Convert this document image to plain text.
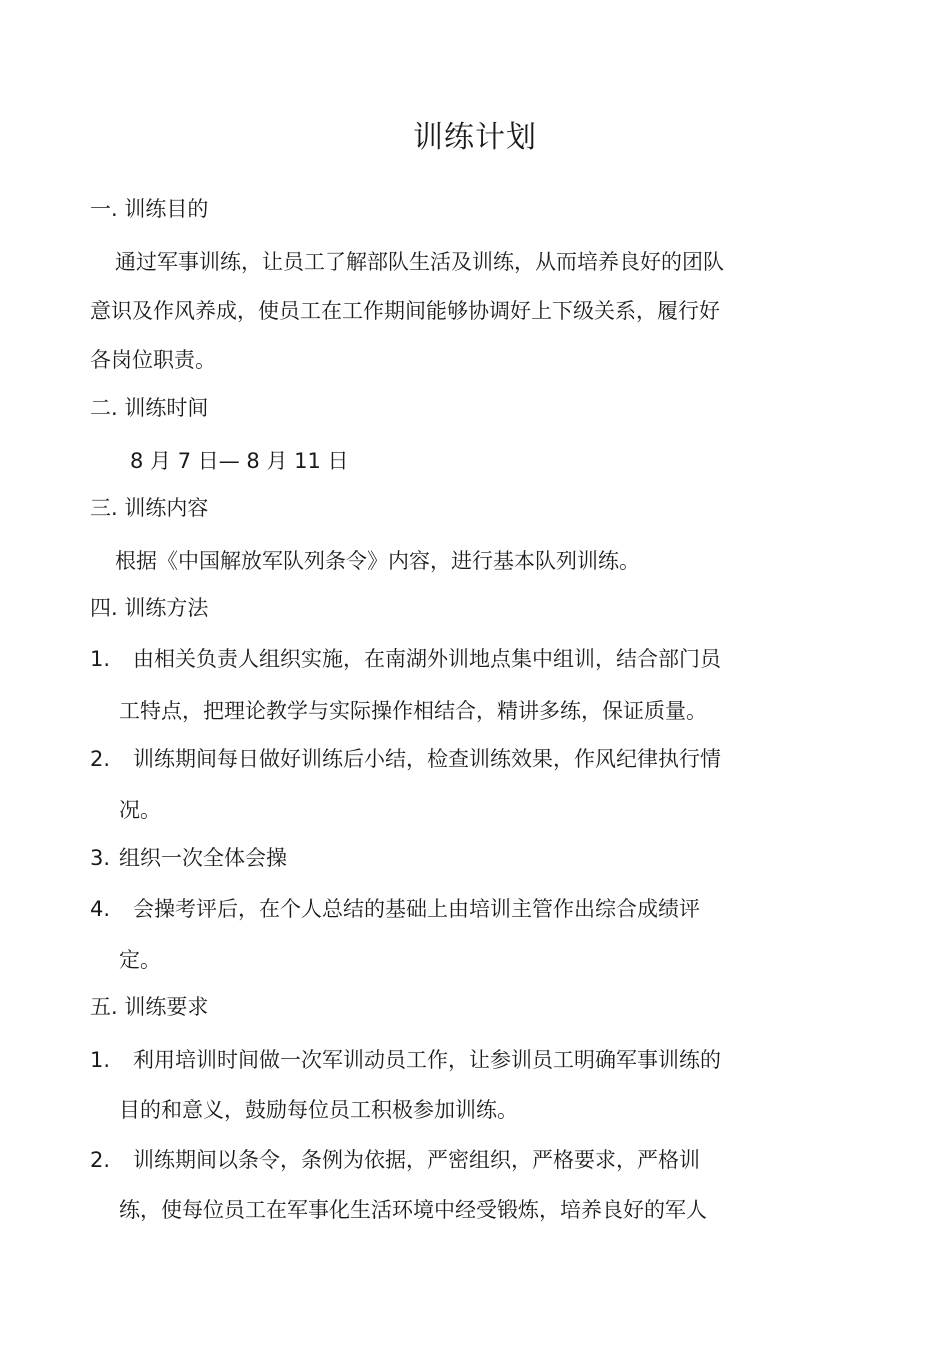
训练计划
一. 训练目的
通过军事训练，让员工了解部队生活及训练，从而培养良好的团队
意识及作风养成，使员工在工作期间能够协调好上下级关系，履行好
各岗位职责。
二. 训练时间
8 月 7 日— 8 月 11 日
三. 训练内容
根据《中国解放军队列条令》内容，进行基本队列训练。
四. 训练方法
1. 由相关负责人组织实施，在南湖外训地点集中组训，结合部门员
工特点，把理论教学与实际操作相结合，精讲多练，保证质量。
2. 训练期间每日做好训练后小结，检查训练效果，作风纪律执行情
况。
3. 组织一次全体会操
4. 会操考评后，在个人总结的基础上由培训主管作出综合成绩评
定。
五. 训练要求
1. 利用培训时间做一次军训动员工作，让参训员工明确军事训练的
目的和意义，鼓励每位员工积极参加训练。
2. 训练期间以条令，条例为依据，严密组织，严格要求，严格训
练，使每位员工在军事化生活环境中经受锻炼，培养良好的军人
